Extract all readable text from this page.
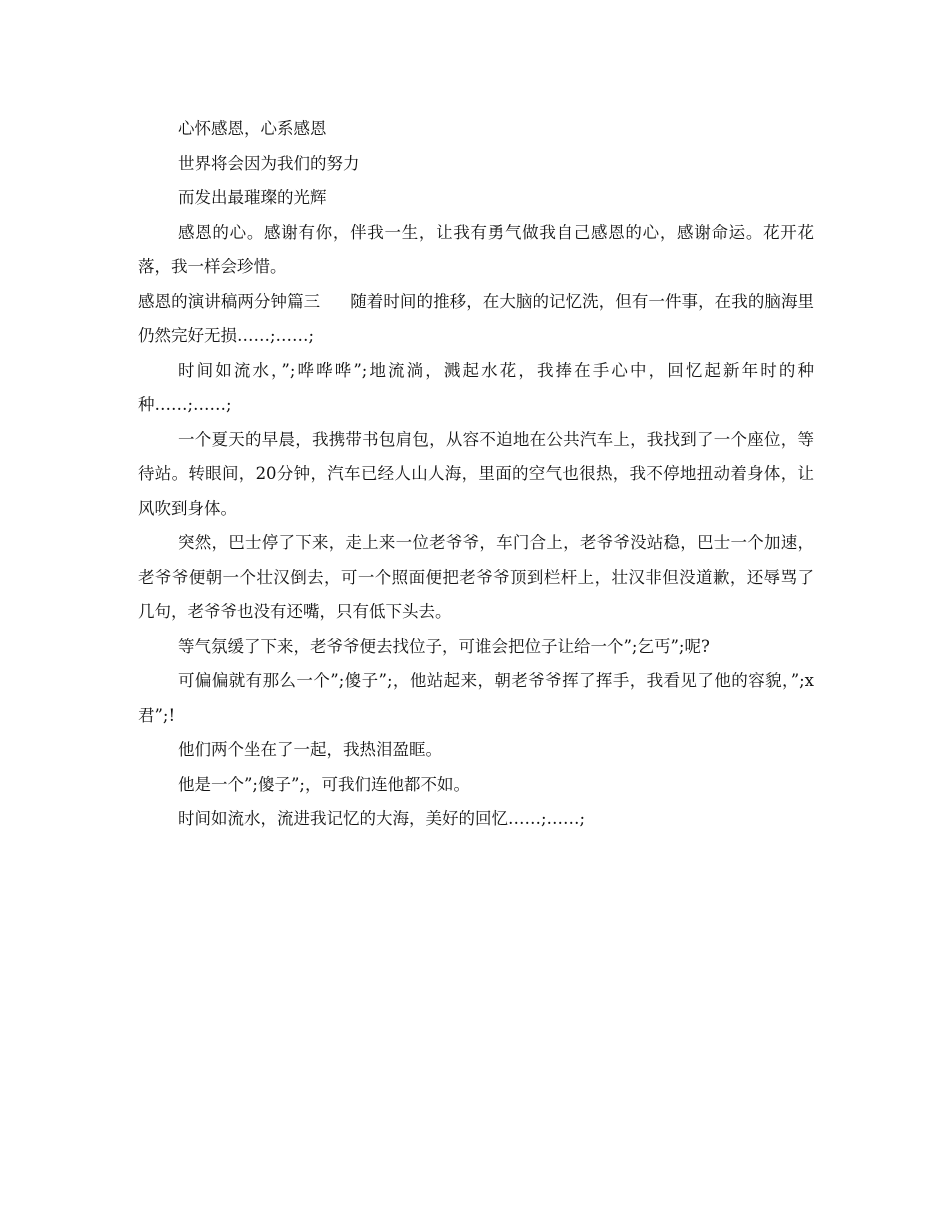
心怀感恩，心系感恩
世界将会因为我们的努力
而发出最璀璨的光辉

感恩的心。感谢有你，伴我一生，让我有勇气做我自己感恩的心，感谢命运。花开花落，我一样会珍惜。

感恩的演讲稿两分钟篇三 随着时间的推移，在大脑的记忆洗，但有一件事，在我的脑海里仍然完好无损……;……;

时间如流水，”;哗哗哗”;地流淌，溅起水花，我捧在手心中，回忆起新年时的种种……;……;

一个夏天的早晨，我携带书包肩包，从容不迫地在公共汽车上，我找到了一个座位，等待站。转眼间，20分钟，汽车已经人山人海，里面的空气也很热，我不停地扭动着身体，让风吹到身体。

突然，巴士停了下来，走上来一位老爷爷，车门合上，老爷爷没站稳，巴士一个加速，老爷爷便朝一个壮汉倒去，可一个照面便把老爷爷顶到栏杆上，壮汉非但没道歉，还辱骂了几句，老爷爷也没有还嘴，只有低下头去。

等气氛缓了下来，老爷爷便去找位子，可谁会把位子让给一个”;乞丐”;呢?

可偏偏就有那么一个”;傻子”;，他站起来，朝老爷爷挥了挥手，我看见了他的容貌，”;x君”;!

他们两个坐在了一起，我热泪盈眶。

他是一个”;傻子”;，可我们连他都不如。

时间如流水，流进我记忆的大海，美好的回忆……;……;
